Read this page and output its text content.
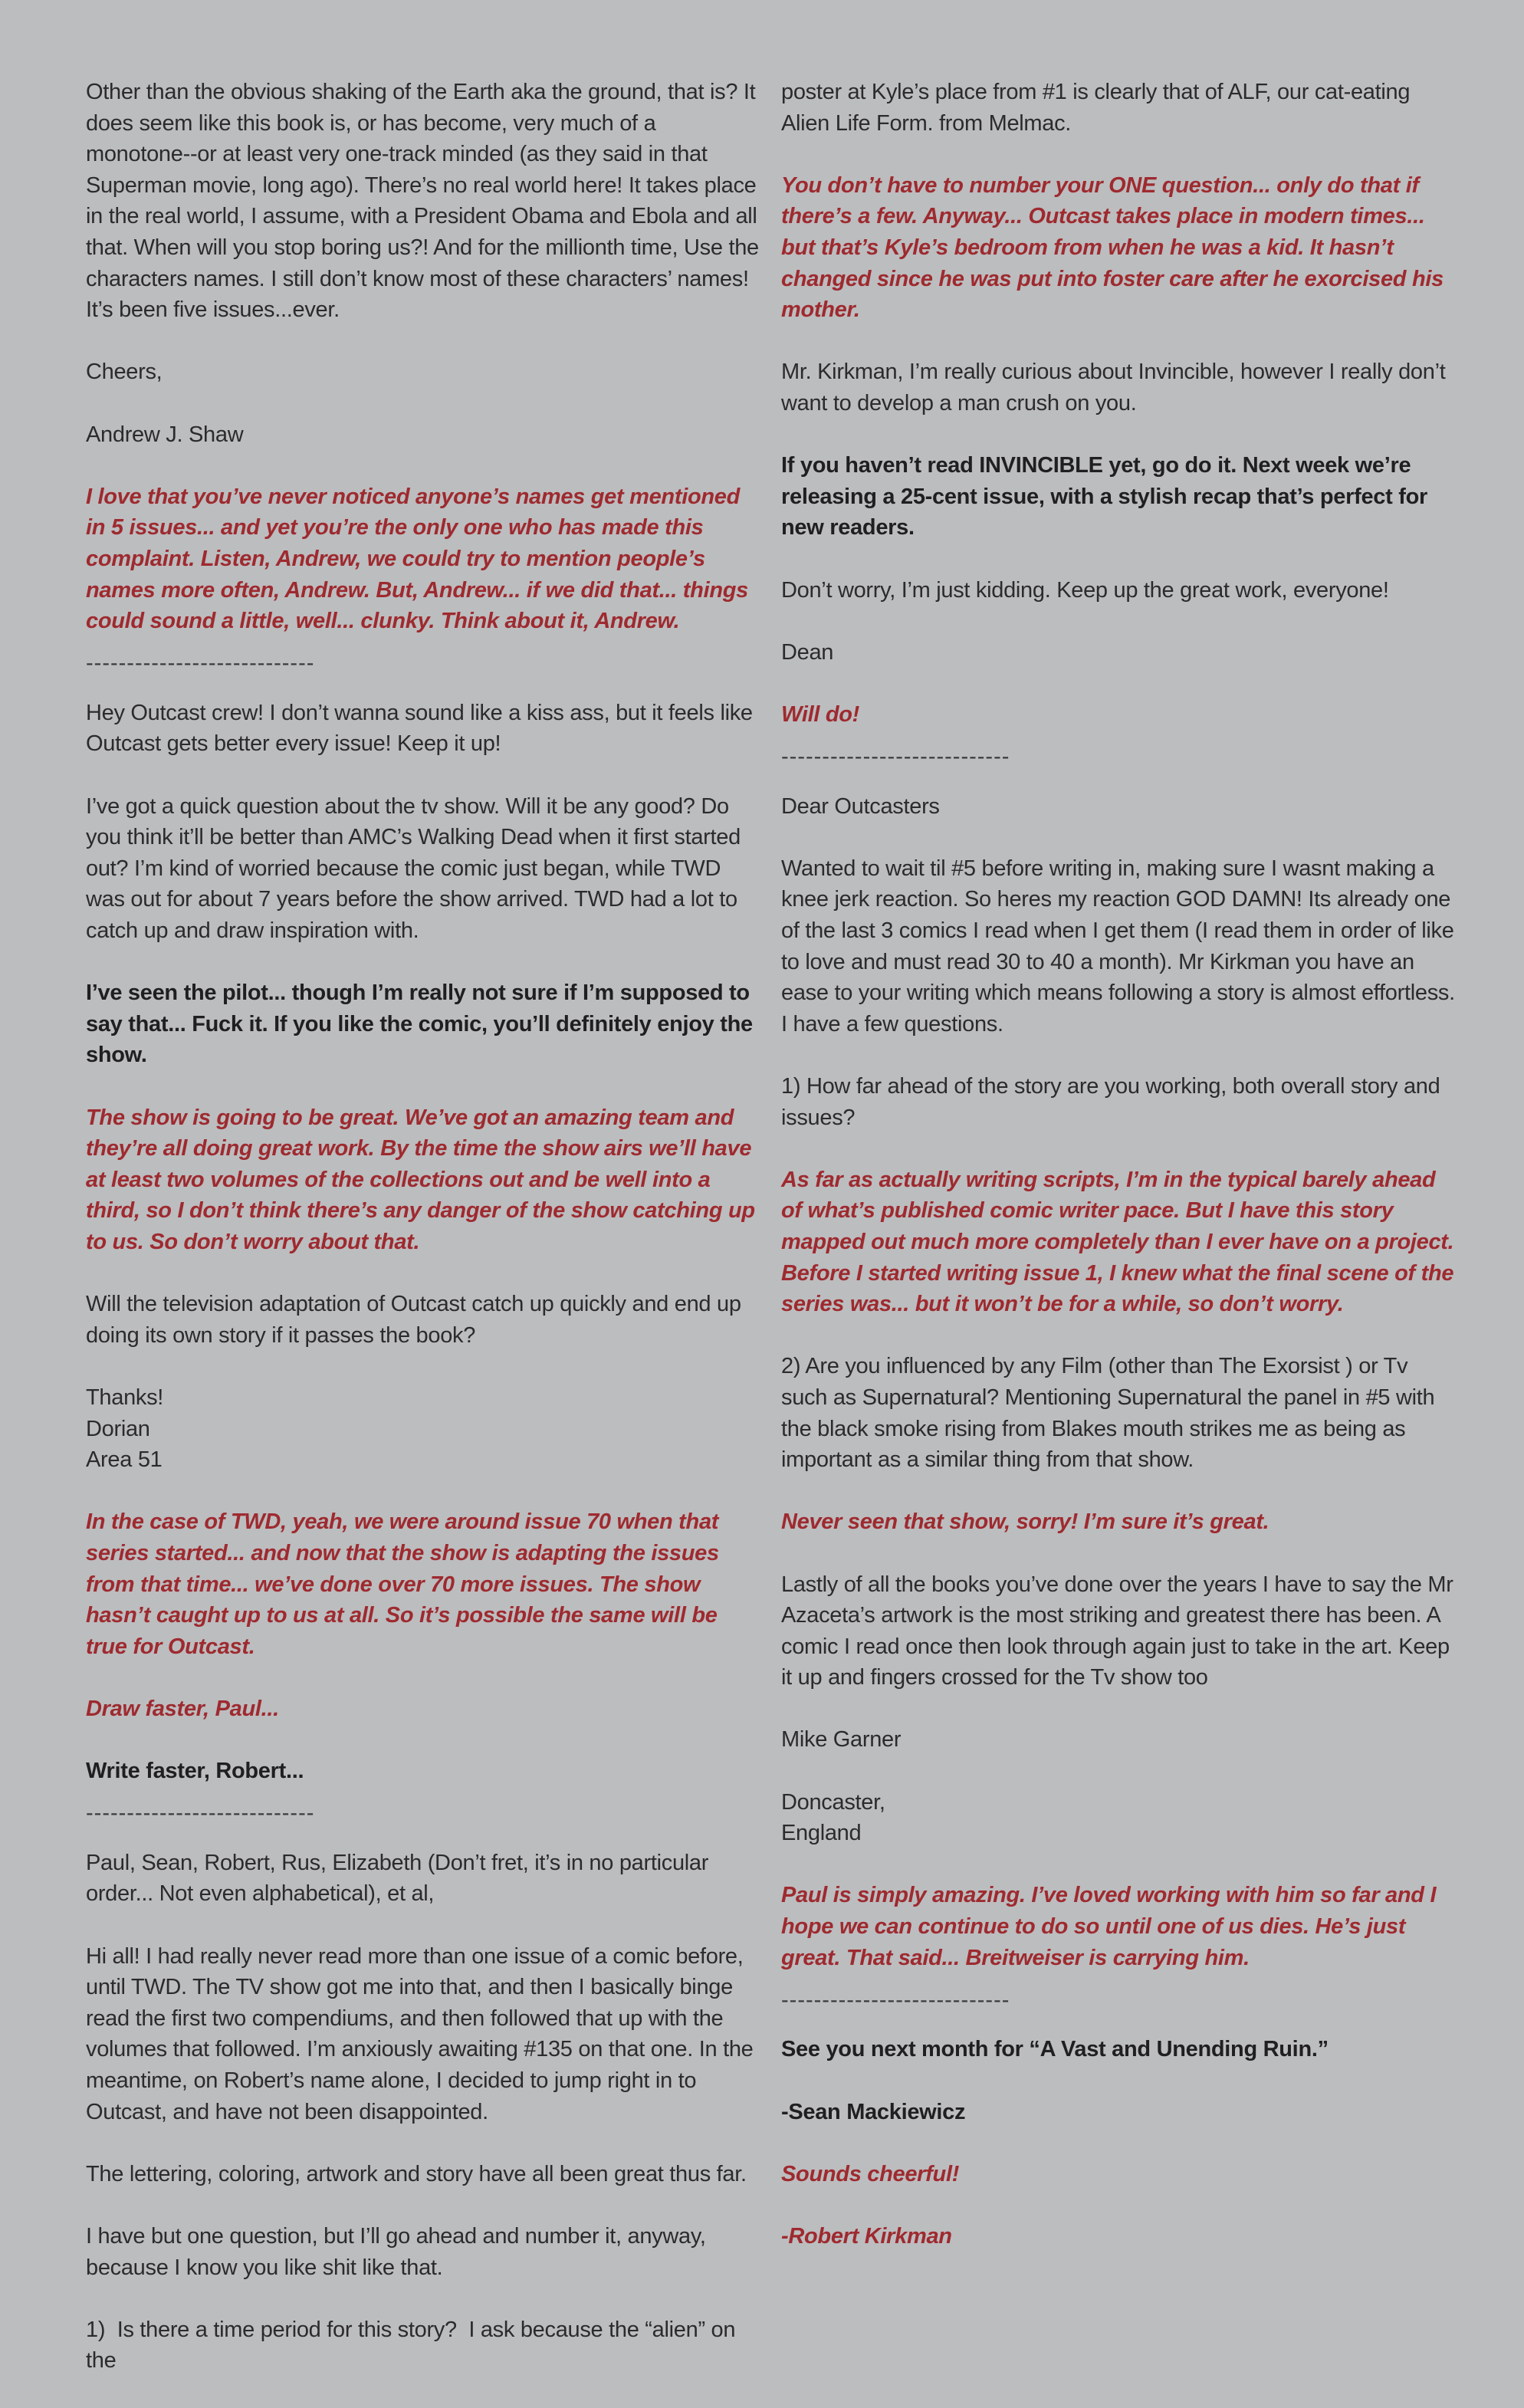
Other than the obvious shaking of the Earth aka the ground, that is? It does seem like this book is, or has become, very much of a monotone--or at least very one-track minded (as they said in that Superman movie, long ago). There’s no real world here! It takes place in the real world, I assume, with a President Obama and Ebola and all that. When will you stop boring us?! And for the millionth time, Use the characters names. I still don’t know most of these characters’ names! It’s been five issues...ever.

Cheers,

Andrew J. Shaw

I love that you’ve never noticed anyone’s names get mentioned in 5 issues... and yet you’re the only one who has made this complaint. Listen, Andrew, we could try to mention people’s names more often, Andrew. But, Andrew... if we did that... things could sound a little, well... clunky. Think about it, Andrew.

----------------------------

Hey Outcast crew! I don’t wanna sound like a kiss ass, but it feels like Outcast gets better every issue! Keep it up!

I’ve got a quick question about the tv show. Will it be any good? Do you think it’ll be better than AMC’s Walking Dead when it first started out? I’m kind of worried because the comic just began, while TWD was out for about 7 years before the show arrived. TWD had a lot to catch up and draw inspiration with.

I’ve seen the pilot... though I’m really not sure if I’m supposed to say that... Fuck it. If you like the comic, you’ll definitely enjoy the show.

The show is going to be great. We’ve got an amazing team and they’re all doing great work. By the time the show airs we’ll have at least two volumes of the collections out and be well into a third, so I don’t think there’s any danger of the show catching up to us. So don’t worry about that.

Will the television adaptation of Outcast catch up quickly and end up doing its own story if it passes the book?

Thanks!
Dorian
Area 51

In the case of TWD, yeah, we were around issue 70 when that series started... and now that the show is adapting the issues from that time... we’ve done over 70 more issues. The show hasn’t caught up to us at all. So it’s possible the same will be true for Outcast.

Draw faster, Paul...

Write faster, Robert...

----------------------------

Paul, Sean, Robert, Rus, Elizabeth (Don’t fret, it’s in no particular order... Not even alphabetical), et al,

Hi all! I had really never read more than one issue of a comic before, until TWD. The TV show got me into that, and then I basically binge read the first two compendiums, and then followed that up with the volumes that followed. I’m anxiously awaiting #135 on that one. In the meantime, on Robert’s name alone, I decided to jump right in to Outcast, and have not been disappointed.

The lettering, coloring, artwork and story have all been great thus far.

I have but one question, but I’ll go ahead and number it, anyway, because I know you like shit like that.

1)  Is there a time period for this story?  I ask because the “alien” on the

poster at Kyle’s place from #1 is clearly that of ALF, our cat-eating Alien Life Form. from Melmac.

You don’t have to number your ONE question... only do that if there’s a few. Anyway... Outcast takes place in modern times... but that’s Kyle’s bedroom from when he was a kid. It hasn’t changed since he was put into foster care after he exorcised his mother.

Mr. Kirkman, I’m really curious about Invincible, however I really don’t want to develop a man crush on you.

If you haven’t read INVINCIBLE yet, go do it. Next week we’re releasing a 25-cent issue, with a stylish recap that’s perfect for new readers.

Don’t worry, I’m just kidding. Keep up the great work, everyone!

Dean

Will do!

----------------------------

Dear Outcasters

Wanted to wait til #5 before writing in, making sure I wasnt making a knee jerk reaction. So heres my reaction GOD DAMN! Its already one of the last 3 comics I read when I get them (I read them in order of like to love and must read 30 to 40 a month). Mr Kirkman you have an ease to your writing which means following a story is almost effortless. I have a few questions.

1) How far ahead of the story are you working, both overall story and issues?

As far as actually writing scripts, I’m in the typical barely ahead of what’s published comic writer pace. But I have this story mapped out much more completely than I ever have on a project. Before I started writing issue 1, I knew what the final scene of the series was... but it won’t be for a while, so don’t worry.

2) Are you influenced by any Film (other than The Exorsist ) or Tv such as Supernatural? Mentioning Supernatural the panel in #5 with the black smoke rising from Blakes mouth strikes me as being as important as a similar thing from that show.

Never seen that show, sorry! I’m sure it’s great.

Lastly of all the books you’ve done over the years I have to say the Mr Azaceta’s artwork is the most striking and greatest there has been. A comic I read once then look through again just to take in the art. Keep it up and fingers crossed for the Tv show too

Mike Garner

Doncaster,
England

Paul is simply amazing. I’ve loved working with him so far and I hope we can continue to do so until one of us dies. He’s just great. That said... Breitweiser is carrying him.

----------------------------

See you next month for “A Vast and Unending Ruin.”

-Sean Mackiewicz

Sounds cheerful!

-Robert Kirkman
